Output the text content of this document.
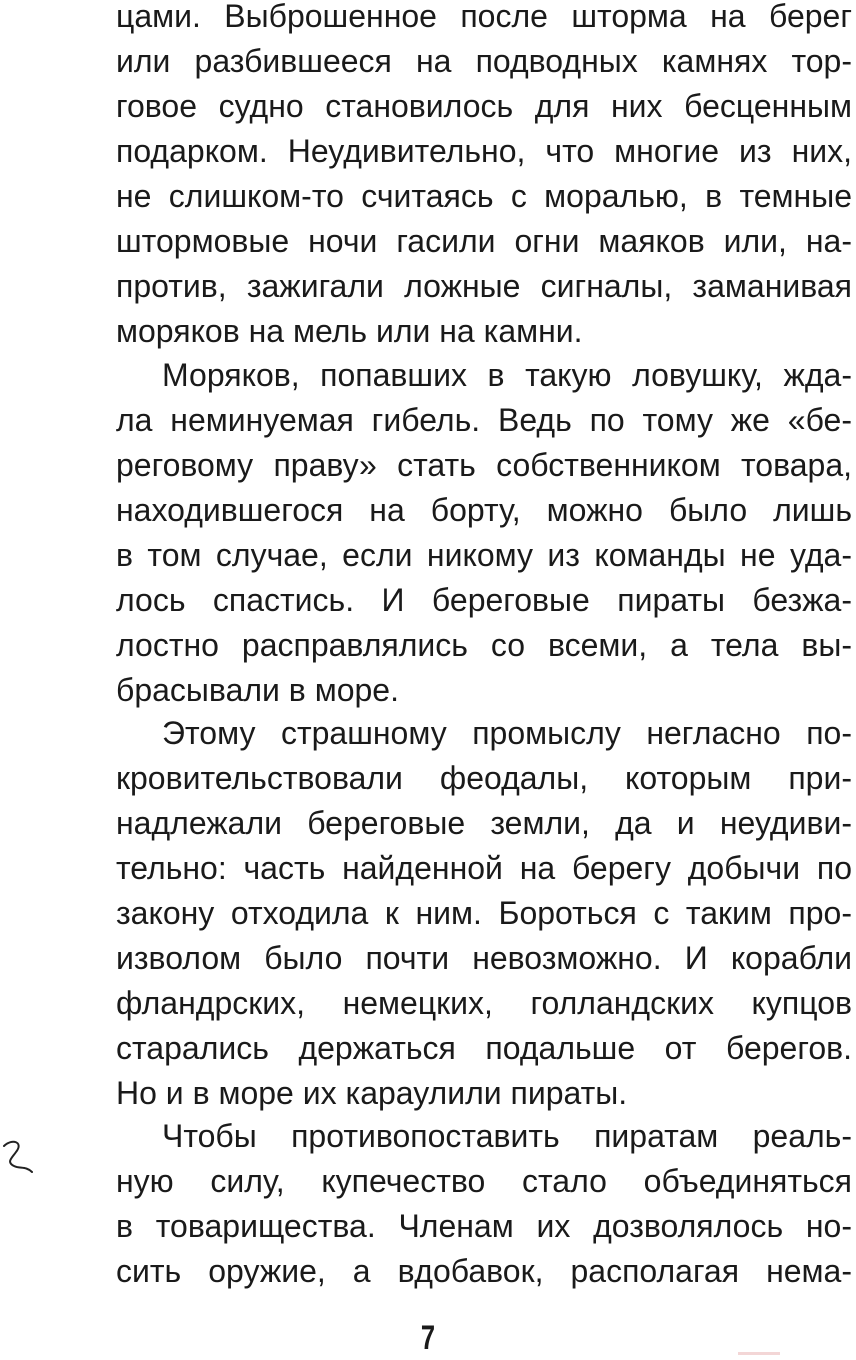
цами. Выброшенное после шторма на берег
или разбившееся на подводных камнях тор-
говое судно становилось для них бесценным
подарком. Неудивительно, что многие из них,
не слишком-то считаясь с моралью, в темные
штормовые ночи гасили огни маяков или, на-
против, зажигали ложные сигналы, заманивая
моряков на мель или на камни.
Моряков, попавших в такую ловушку, жда-
ла неминуемая гибель. Ведь по тому же «бе-
реговому праву» стать собственником товара,
находившегося на борту, можно было лишь
в том случае, если никому из команды не уда-
лось спастись. И береговые пираты безжа-
лостно расправлялись со всеми, а тела вы-
брасывали в море.
Этому страшному промыслу негласно по-
кровительствовали феодалы, которым при-
надлежали береговые земли, да и неудиви-
тельно: часть найденной на берегу добычи по
закону отходила к ним. Бороться с таким про-
изволом было почти невозможно. И корабли
фландрских, немецких, голландских купцов
старались держаться подальше от берегов.
Но и в море их караулили пираты.
Чтобы противопоставить пиратам реаль-
ную силу, купечество стало объединяться
в товарищества. Членам их дозволялось но-
сить оружие, а вдобавок, располагая нема-
7
